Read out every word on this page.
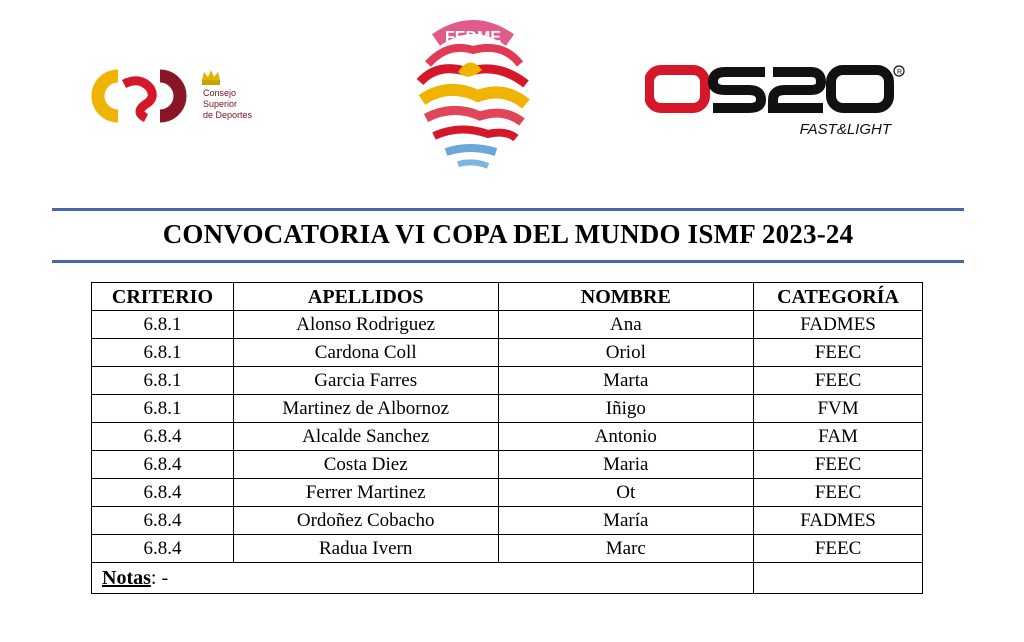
Consejo
Superior
de Deportes
FEDME
R
FAST&LIGHT
CONVOCATORIA VI COPA DEL MUNDO ISMF 2023-24
CRITERIO	APELLIDOS	NOMBRE	CATEGORÍA
6.8.1	Alonso Rodriguez	Ana	FADMES
6.8.1	Cardona Coll	Oriol	FEEC
6.8.1	Garcia Farres	Marta	FEEC
6.8.1	Martinez de Albornoz	Iñigo	FVM
6.8.4	Alcalde Sanchez	Antonio	FAM
6.8.4	Costa Diez	Maria	FEEC
6.8.4	Ferrer Martinez	Ot	FEEC
6.8.4	Ordoñez Cobacho	María	FADMES
6.8.4	Radua Ivern	Marc	FEEC
Notas: -			
